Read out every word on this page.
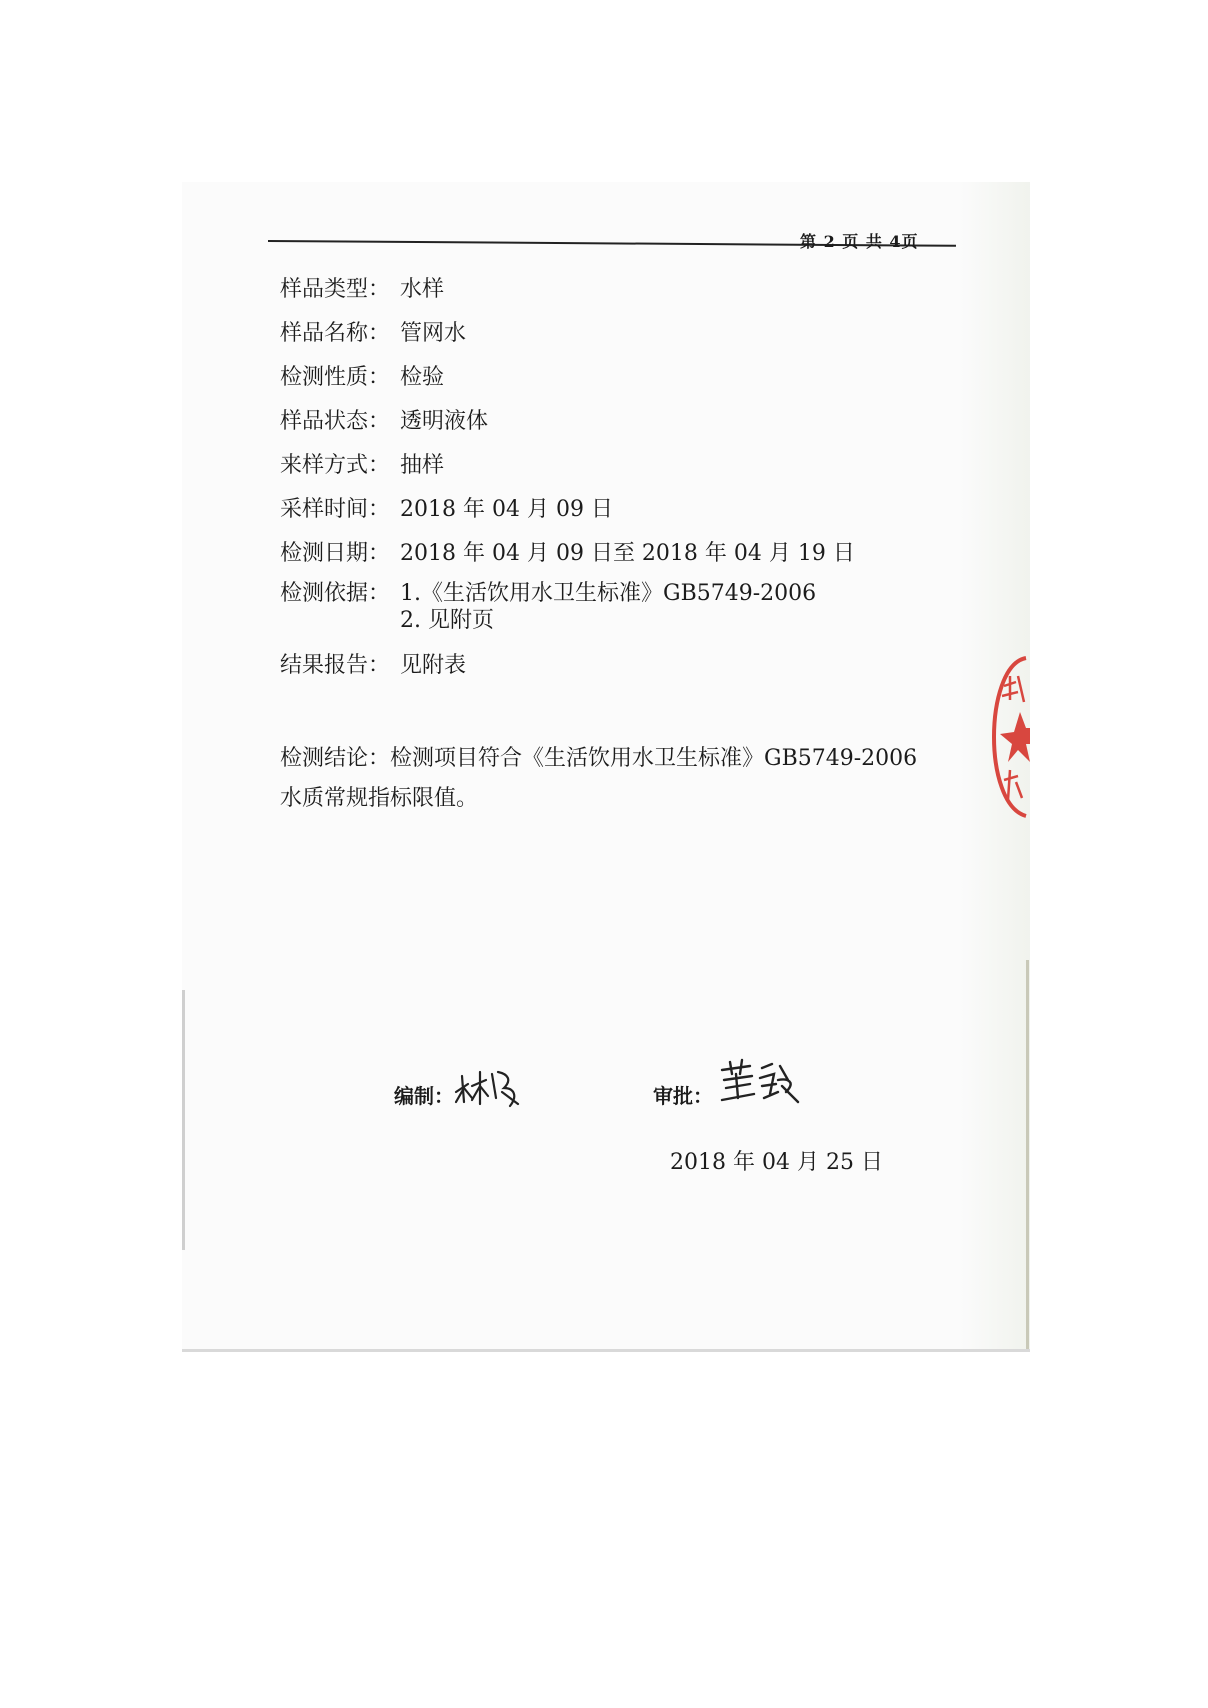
第 2 页 共 4页
样品类型： 水样
样品名称： 管网水
检测性质： 检验
样品状态： 透明液体
来样方式： 抽样
采样时间： 2018 年 04 月 09 日
检测日期： 2018 年 04 月 09 日至 2018 年 04 月 19 日
检测依据： 1.《生活饮用水卫生标准》GB5749-2006
2. 见附页
结果报告： 见附表
检测结论：检测项目符合《生活饮用水卫生标准》GB5749-2006
水质常规指标限值。
编制：	审批：
2018 年 04 月 25 日
